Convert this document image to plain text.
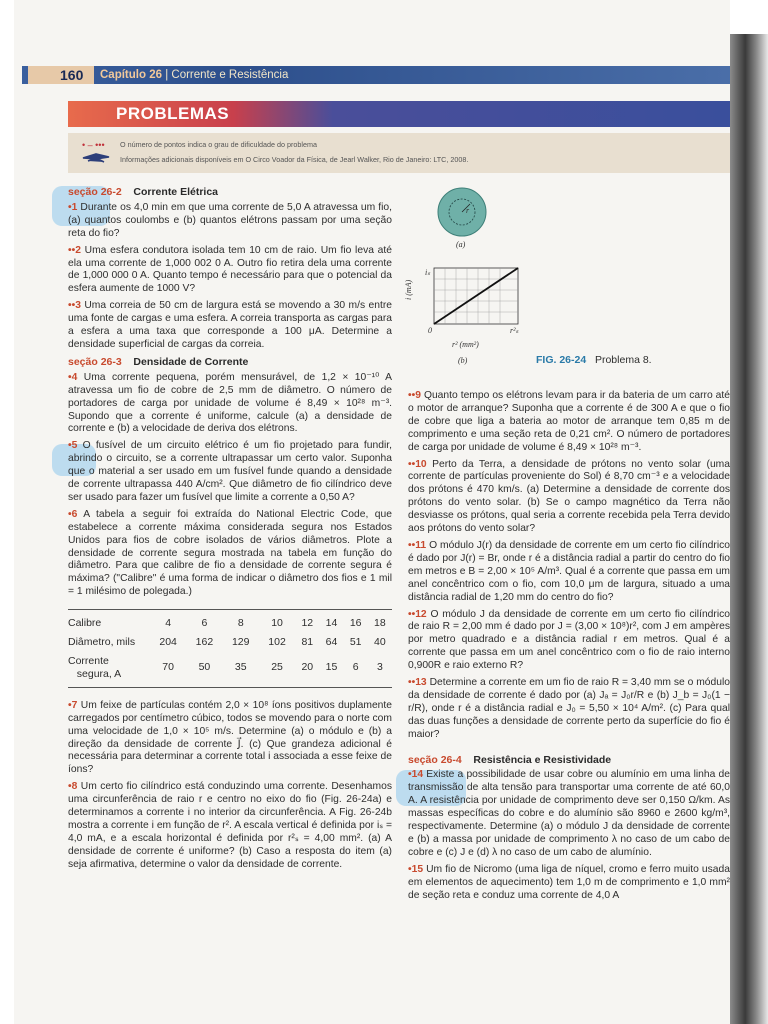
160	Capítulo 26 | Corrente e Resistência
PROBLEMAS
• – ••• O número de pontos indica o grau de dificuldade do problema
Informações adicionais disponíveis em O Circo Voador da Física, de Jearl Walker, Rio de Janeiro: LTC, 2008.
seção 26-2 Corrente Elétrica

•1 Durante os 4,0 min em que uma corrente de 5,0 A atravessa um fio, (a) quantos coulombs e (b) quantos elétrons passam por uma seção reta do fio?

••2 Uma esfera condutora isolada tem 10 cm de raio. Um fio leva até ela uma corrente de 1,000 002 0 A. Outro fio retira dela uma corrente de 1,000 000 0 A. Quanto tempo é necessário para que o potencial da esfera aumente de 1000 V?

••3 Uma correia de 50 cm de largura está se movendo a 30 m/s entre uma fonte de cargas e uma esfera. A correia transporta as cargas para a esfera a uma taxa que corresponde a 100 μA. Determine a densidade superficial de cargas da correia.

seção 26-3 Densidade de Corrente

•4 Uma corrente pequena, porém mensurável, de 1,2 × 10⁻¹⁰ A atravessa um fio de cobre de 2,5 mm de diâmetro. O número de portadores de carga por unidade de volume é 8,49 × 10²⁸ m⁻³. Supondo que a corrente é uniforme, calcule (a) a densidade de corrente e (b) a velocidade de deriva dos elétrons.

•5 O fusível de um circuito elétrico é um fio projetado para fundir, abrindo o circuito, se a corrente ultrapassar um certo valor. Suponha que o material a ser usado em um fusível funde quando a densidade de corrente ultrapassa 440 A/cm². Que diâmetro de fio cilíndrico deve ser usado para fazer um fusível que limite a corrente a 0,50 A?

•6 A tabela a seguir foi extraída do National Electric Code, que estabelece a corrente máxima considerada segura nos Estados Unidos para fios de cobre isolados de vários diâmetros. Plote a densidade de corrente segura mostrada na tabela em função do diâmetro. Para que calibre de fio a densidade de corrente segura é máxima? ("Calibre" é uma forma de indicar o diâmetro dos fios e 1 mil = 1 milésimo de polegada.)

Calibre	4	6	8	10	12	14	16	18
Diâmetro, mils	204	162	129	102	81	64	51	40
Corrente
segura, A	70	50	35	25	20	15	6	3

•7 Um feixe de partículas contém 2,0 × 10⁸ íons positivos duplamente carregados por centímetro cúbico, todos se movendo para o norte com uma velocidade de 1,0 × 10⁵ m/s. Determine (a) o módulo e (b) a direção da densidade de corrente J⃗. (c) Que grandeza adicional é necessária para determinar a corrente total i associada a esse feixe de íons?

•8 Um certo fio cilíndrico está conduzindo uma corrente. Desenhamos uma circunferência de raio r e centro no eixo do fio (Fig. 26-24a) e determinamos a corrente i no interior da circunferência. A Fig. 26-24b mostra a corrente i em função de r². A escala vertical é definida por iₛ = 4,0 mA, e a escala horizontal é definida por r²ₛ = 4,00 mm². (a) A densidade de corrente é uniforme? (b) Caso a resposta do item (a) seja afirmativa, determine o valor da densidade de corrente.

r
(a)
iₛ
i (mA)
0	r²ₛ
r² (mm²)
(b)	FIG. 26-24 Problema 8.

••9 Quanto tempo os elétrons levam para ir da bateria de um carro até o motor de arranque? Suponha que a corrente é de 300 A e que o fio de cobre que liga a bateria ao motor de arranque tem 0,85 m de comprimento e uma seção reta de 0,21 cm². O número de portadores de carga por unidade de volume é 8,49 × 10²⁸ m⁻³.

••10 Perto da Terra, a densidade de prótons no vento solar (uma corrente de partículas proveniente do Sol) é 8,70 cm⁻³ e a velocidade dos prótons é 470 km/s. (a) Determine a densidade de corrente dos prótons do vento solar. (b) Se o campo magnético da Terra não desviasse os prótons, qual seria a corrente recebida pela Terra devido aos prótons do vento solar?

••11 O módulo J(r) da densidade de corrente em um certo fio cilíndrico é dado por J(r) = Br, onde r é a distância radial a partir do centro do fio em metros e B = 2,00 × 10⁵ A/m³. Qual é a corrente que passa em um anel concêntrico com o fio, com 10,0 μm de largura, situado a uma distância radial de 1,20 mm do centro do fio?

••12 O módulo J da densidade de corrente em um certo fio cilíndrico de raio R = 2,00 mm é dado por J = (3,00 × 10⁸)r², com J em ampères por metro quadrado e a distância radial r em metros. Qual é a corrente que passa em um anel concêntrico com o fio de raio interno 0,900R e raio externo R?

••13 Determine a corrente em um fio de raio R = 3,40 mm se o módulo da densidade de corrente é dado por (a) Jₐ = J₀r/R e (b) J_b = J₀(1 − r/R), onde r é a distância radial e J₀ = 5,50 × 10⁴ A/m². (c) Para qual das duas funções a densidade de corrente perto da superfície do fio é maior?

seção 26-4 Resistência e Resistividade

•14 Existe a possibilidade de usar cobre ou alumínio em uma linha de transmissão de alta tensão para transportar uma corrente de até 60,0 A. A resistência por unidade de comprimento deve ser 0,150 Ω/km. As massas específicas do cobre e do alumínio são 8960 e 2600 kg/m³, respectivamente. Determine (a) o módulo J da densidade de corrente e (b) a massa por unidade de comprimento λ no caso de um cabo de cobre e (c) J e (d) λ no caso de um cabo de alumínio.

•15 Um fio de Nicromo (uma liga de níquel, cromo e ferro muito usada em elementos de aquecimento) tem 1,0 m de comprimento e 1,0 mm² de seção reta e conduz uma corrente de 4,0 A
